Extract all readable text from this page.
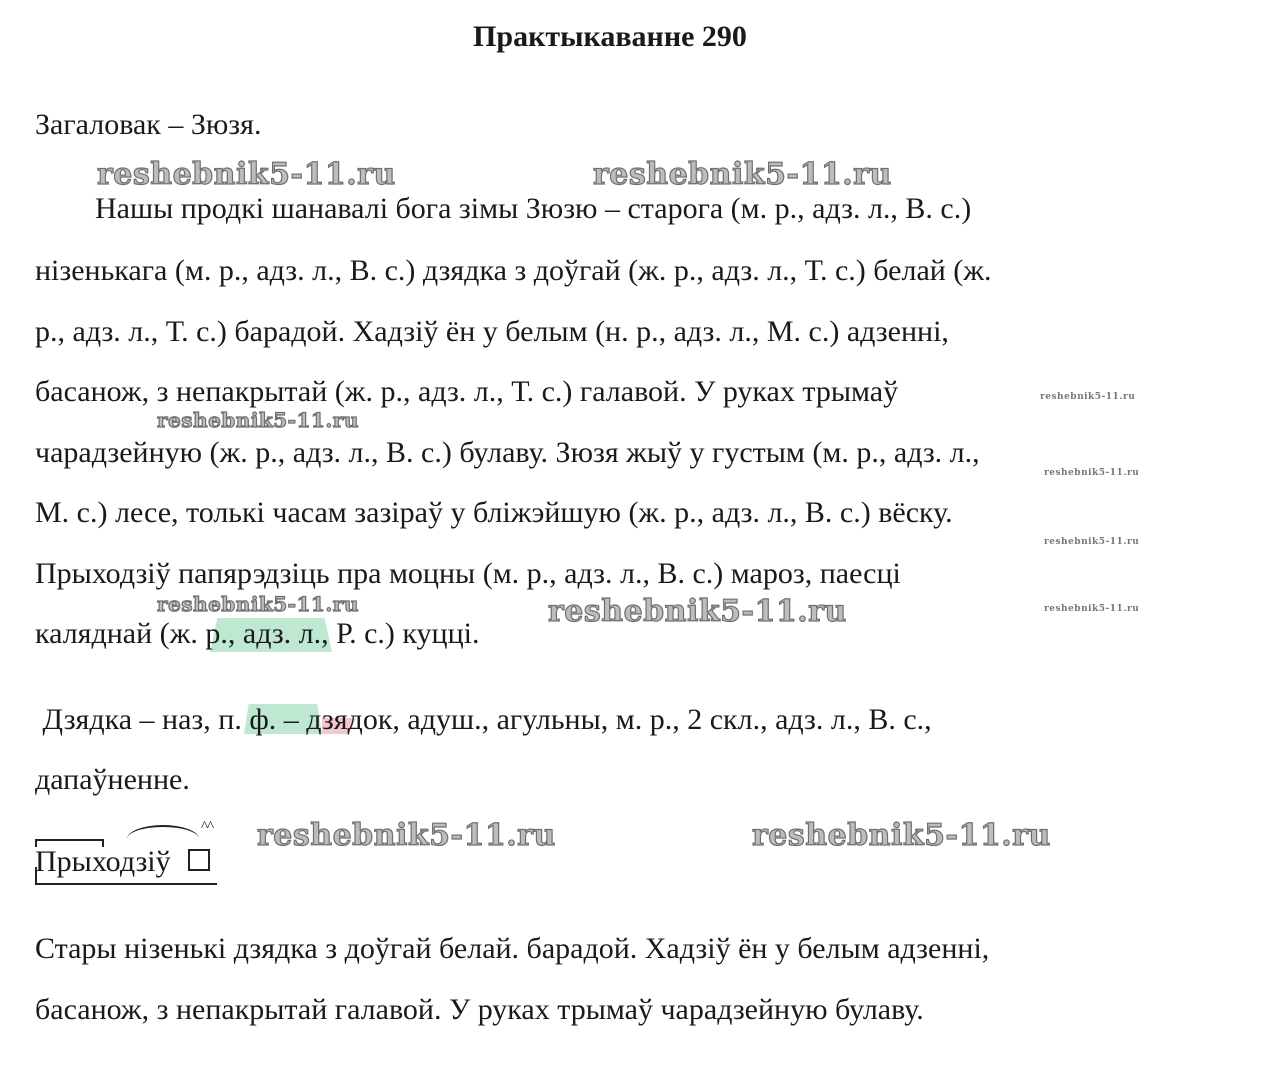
Практыкаванне 290
Загаловак – Зюзя.
Нашы продкі шанавалі бога зімы Зюзю – старога (м. р., адз. л., В. с.)
нізенькага (м. р., адз. л., В. с.) дзядка з доўгай (ж. р., адз. л., Т. с.) белай (ж.
р., адз. л., Т. с.) барадой. Хадзіў ён у белым (н. р., адз. л., М. с.) адзенні,
басанож, з непакрытай (ж. р., адз. л., Т. с.) галавой. У руках трымаў
чарадзейную (ж. р., адз. л., В. с.) булаву. Зюзя жыў у густым (м. р., адз. л.,
М. с.) лесе, толькі часам зазіраў у бліжэйшую (ж. р., адз. л., В. с.) вёску.
Прыходзіў папярэдзіць пра моцны (м. р., адз. л., В. с.) мароз, паесці
каляднай (ж. р., адз. л., Р. с.) куцці.
Дзядка – наз, п. ф. – дзядок, адуш., агульны, м. р., 2 скл., адз. л., В. с.,
дапаўненне.
^^
Прыходзіў
Стары нізенькі дзядка з доўгай белай. барадой. Хадзіў ён у белым адзенні,
басанож, з непакрытай галавой. У руках трымаў чарадзейную булаву.
reshebnik5-11.ru	reshebnik5-11.ru
reshebnik5-11.ru
reshebnik5-11.ru	reshebnik5-11.ru
reshebnik5-11.ru	reshebnik5-11.ru
reshebnik5-11.ru
reshebnik5-11.ru
reshebnik5-11.ru
reshebnik5-11.ru
